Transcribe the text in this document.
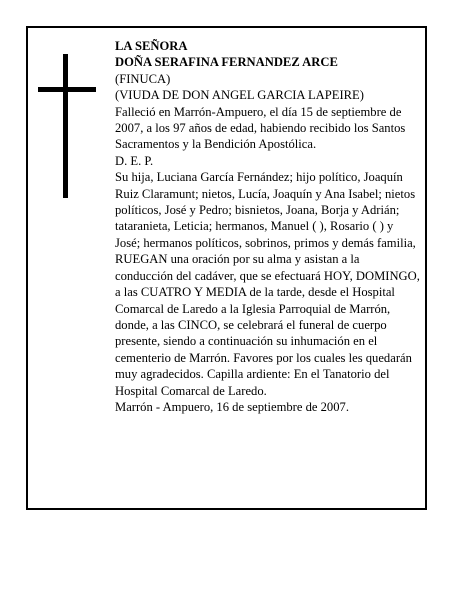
LA SEÑORA

DOÑA SERAFINA FERNANDEZ ARCE

(FINUCA)

(VIUDA DE DON ANGEL GARCIA LAPEIRE)

Falleció en Marrón-Ampuero, el día 15 de septiembre de 2007, a los 97 años de edad, habiendo recibido los Santos Sacramentos y la Bendición Apostólica.

D. E. P.

Su hija, Luciana García Fernández; hijo político, Joaquín Ruiz Claramunt; nietos, Lucía, Joaquín y Ana Isabel; nietos políticos, José y Pedro; bisnietos, Joana, Borja y Adrián; tataranieta, Leticia; hermanos, Manuel ( ), Rosario ( ) y José; hermanos políticos, sobrinos, primos y demás familia,

RUEGAN una oración por su alma y asistan a la conducción del cadáver, que se efectuará HOY, DOMINGO, a las CUATRO Y MEDIA de la tarde, desde el Hospital Comarcal de Laredo a la Iglesia Parroquial de Marrón, donde, a las CINCO, se celebrará el funeral de cuerpo presente, siendo a continuación su inhumación en el cementerio de Marrón. Favores por los cuales les quedarán muy agradecidos. Capilla ardiente: En el Tanatorio del Hospital Comarcal de Laredo.

Marrón - Ampuero, 16 de septiembre de 2007.
